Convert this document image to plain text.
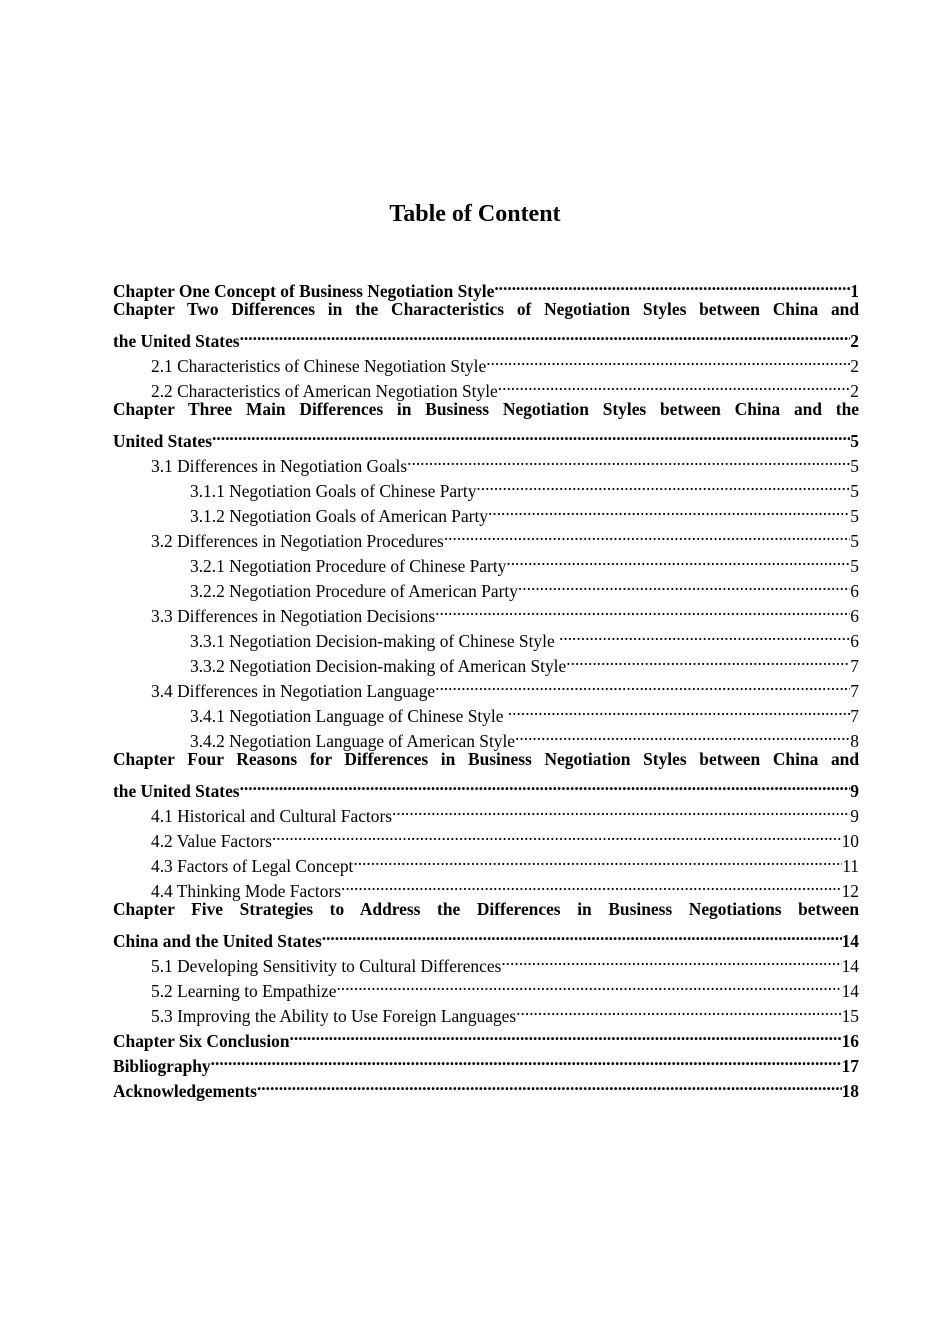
Table of Content
Chapter One Concept of Business Negotiation Style .....	1
Chapter Two Differences in the Characteristics of Negotiation Styles between China and
the United States .....	2
2.1 Characteristics of Chinese Negotiation Style .....	2
2.2 Characteristics of American Negotiation Style .....	2
Chapter Three Main Differences in Business Negotiation Styles between China and the
United States .....	5
3.1 Differences in Negotiation Goals .....	5
3.1.1 Negotiation Goals of Chinese Party .....	5
3.1.2 Negotiation Goals of American Party .....	5
3.2 Differences in Negotiation Procedures .....	5
3.2.1 Negotiation Procedure of Chinese Party .....	5
3.2.2 Negotiation Procedure of American Party .....	6
3.3 Differences in Negotiation Decisions .....	6
3.3.1 Negotiation Decision-making of Chinese Style .....	6
3.3.2 Negotiation Decision-making of American Style .....	7
3.4 Differences in Negotiation Language .....	7
3.4.1 Negotiation Language of Chinese Style .....	7
3.4.2 Negotiation Language of American Style .....	8
Chapter Four Reasons for Differences in Business Negotiation Styles between China and
the United States .....	9
4.1 Historical and Cultural Factors .....	9
4.2 Value Factors .....	10
4.3 Factors of Legal Concept .....	11
4.4 Thinking Mode Factors .....	12
Chapter Five Strategies to Address the Differences in Business Negotiations between
China and the United States .....	14
5.1 Developing Sensitivity to Cultural Differences .....	14
5.2 Learning to Empathize .....	14
5.3 Improving the Ability to Use Foreign Languages .....	15
Chapter Six Conclusion .....	16
Bibliography .....	17
Acknowledgements .....	18
